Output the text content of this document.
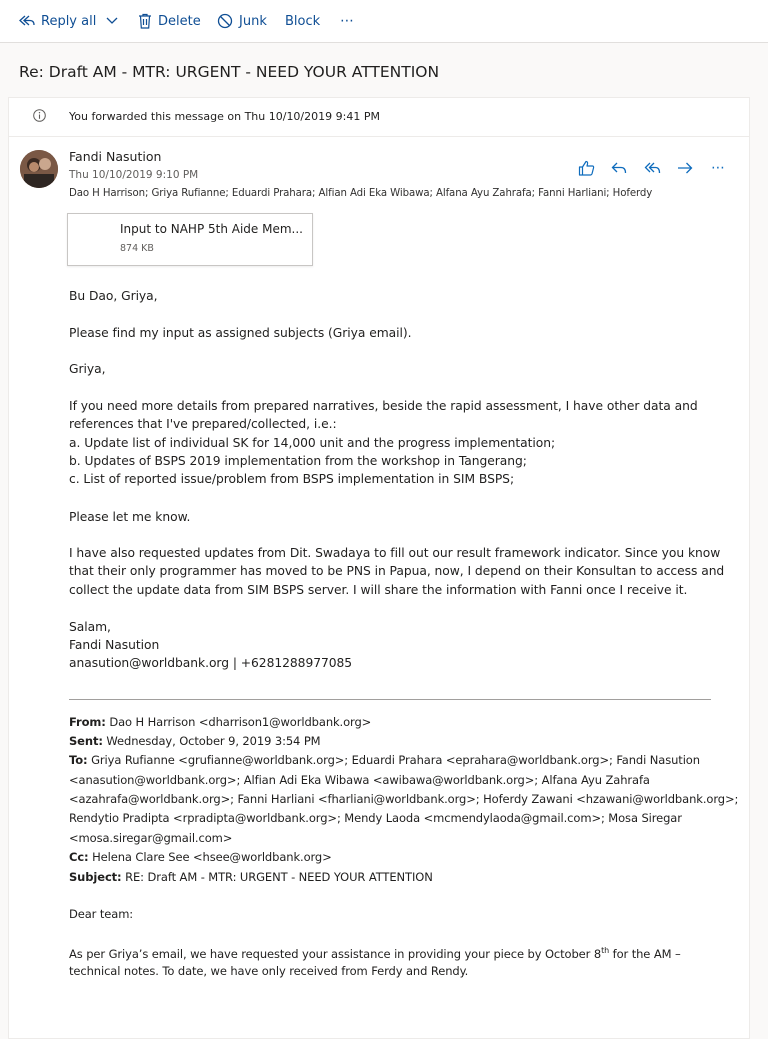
Reply all	Delete	Junk Block ⋯
Re: Draft AM - MTR: URGENT - NEED YOUR ATTENTION
You forwarded this message on Thu 10/10/2019 9:41 PM
Fandi Nasution
Thu 10/10/2019 9:10 PM
Dao H Harrison; Griya Rufianne; Eduardi Prahara; Alfian Adi Eka Wibawa; Alfana Ayu Zahrafa; Fanni Harliani; Hoferdy
⋯
Input to NAHP 5th Aide Mem...
874 KB
Bu Dao, Griya,
Please find my input as assigned subjects (Griya email).
Griya,
If you need more details from prepared narratives, beside the rapid assessment, I have other data and
references that I've prepared/collected, i.e.:
a. Update list of individual SK for 14,000 unit and the progress implementation;
b. Updates of BSPS 2019 implementation from the workshop in Tangerang;
c. List of reported issue/problem from BSPS implementation in SIM BSPS;
Please let me know.
I have also requested updates from Dit. Swadaya to fill out our result framework indicator. Since you know
that their only programmer has moved to be PNS in Papua, now, I depend on their Konsultan to access and
collect the update data from SIM BSPS server. I will share the information with Fanni once I receive it.
Salam,
Fandi Nasution
anasution@worldbank.org | +6281288977085
From: Dao H Harrison <dharrison1@worldbank.org>
Sent: Wednesday, October 9, 2019 3:54 PM
To: Griya Rufianne <grufianne@worldbank.org>; Eduardi Prahara <eprahara@worldbank.org>; Fandi Nasution
<anasution@worldbank.org>; Alfian Adi Eka Wibawa <awibawa@worldbank.org>; Alfana Ayu Zahrafa
<azahrafa@worldbank.org>; Fanni Harliani <fharliani@worldbank.org>; Hoferdy Zawani <hzawani@worldbank.org>;
Rendytio Pradipta <rpradipta@worldbank.org>; Mendy Laoda <mcmendylaoda@gmail.com>; Mosa Siregar
<mosa.siregar@gmail.com>
Cc: Helena Clare See <hsee@worldbank.org>
Subject: RE: Draft AM - MTR: URGENT - NEED YOUR ATTENTION
Dear team:
As per Griya’s email, we have requested your assistance in providing your piece by October 8th for the AM –
technical notes. To date, we have only received from Ferdy and Rendy.
